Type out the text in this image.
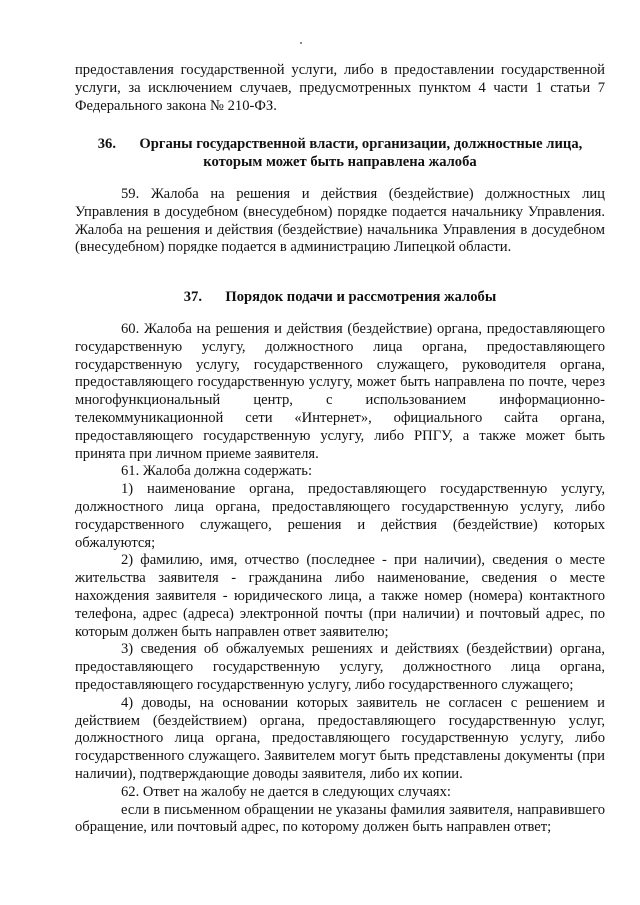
предоставления государственной услуги, либо в предоставлении государственной услуги, за исключением случаев, предусмотренных пунктом 4 части 1 статьи 7 Федерального закона № 210-ФЗ.

36. Органы государственной власти, организации, должностные лица, которым может быть направлена жалоба

59. Жалоба на решения и действия (бездействие) должностных лиц Управления в досудебном (внесудебном) порядке подается начальнику Управления. Жалоба на решения и действия (бездействие) начальника Управления в досудебном (внесудебном) порядке подается в администрацию Липецкой области.

37. Порядок подачи и рассмотрения жалобы

60. Жалоба на решения и действия (бездействие) органа, предоставляющего государственную услугу, должностного лица органа, предоставляющего государственную услугу, государственного служащего, руководителя органа, предоставляющего государственную услугу, может быть направлена по почте, через многофункциональный центр, с использованием информационно-телекоммуникационной сети «Интернет», официального сайта органа, предоставляющего государственную услугу, либо РПГУ, а также может быть принята при личном приеме заявителя.

61. Жалоба должна содержать:

1) наименование органа, предоставляющего государственную услугу, должностного лица органа, предоставляющего государственную услугу, либо государственного служащего, решения и действия (бездействие) которых обжалуются;

2) фамилию, имя, отчество (последнее - при наличии), сведения о месте жительства заявителя - гражданина либо наименование, сведения о месте нахождения заявителя - юридического лица, а также номер (номера) контактного телефона, адрес (адреса) электронной почты (при наличии) и почтовый адрес, по которым должен быть направлен ответ заявителю;

3) сведения об обжалуемых решениях и действиях (бездействии) органа, предоставляющего государственную услугу, должностного лица органа, предоставляющего государственную услугу, либо государственного служащего;

4) доводы, на основании которых заявитель не согласен с решением и действием (бездействием) органа, предоставляющего государственную услуг, должностного лица органа, предоставляющего государственную услугу, либо государственного служащего. Заявителем могут быть представлены документы (при наличии), подтверждающие доводы заявителя, либо их копии.

62. Ответ на жалобу не дается в следующих случаях:

если в письменном обращении не указаны фамилия заявителя, направившего обращение, или почтовый адрес, по которому должен быть направлен ответ;
